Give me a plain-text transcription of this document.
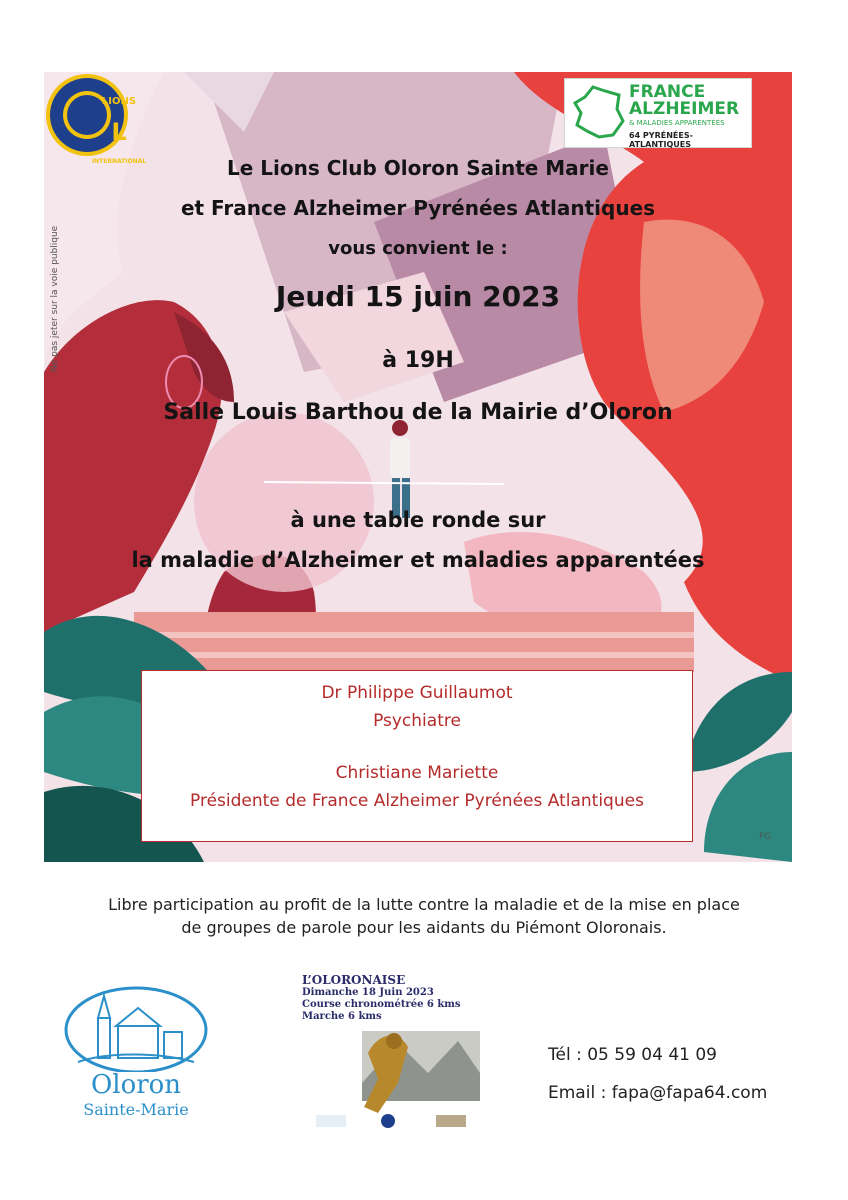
LIONS
L
INTERNATIONAL
FRANCE
ALZHEIMER
& MALADIES APPARENTÉES
64 PYRÉNÉES-ATLANTIQUES
Le Lions Club Oloron Sainte Marie
et France Alzheimer Pyrénées Atlantiques
vous convient le :
Jeudi 15 juin 2023
à 19H
Salle Louis Barthou de la Mairie d’Oloron
à une table ronde sur
la maladie d’Alzheimer et maladies apparentées
Ne pas jeter sur la voie publique
FG.
Dr Philippe Guillaumot
Psychiatre
Christiane Mariette
Présidente de France Alzheimer Pyrénées Atlantiques
Libre participation au profit de la lutte contre la maladie et de la mise en place
de groupes de parole pour les aidants du Piémont Oloronais.
Oloron
Sainte-Marie
L’OLORONAISE
Dimanche 18 Juin 2023
Course chronométrée 6 kms
Marche 6 kms
Tél : 05 59 04 41 09
Email : fapa@fapa64.com
